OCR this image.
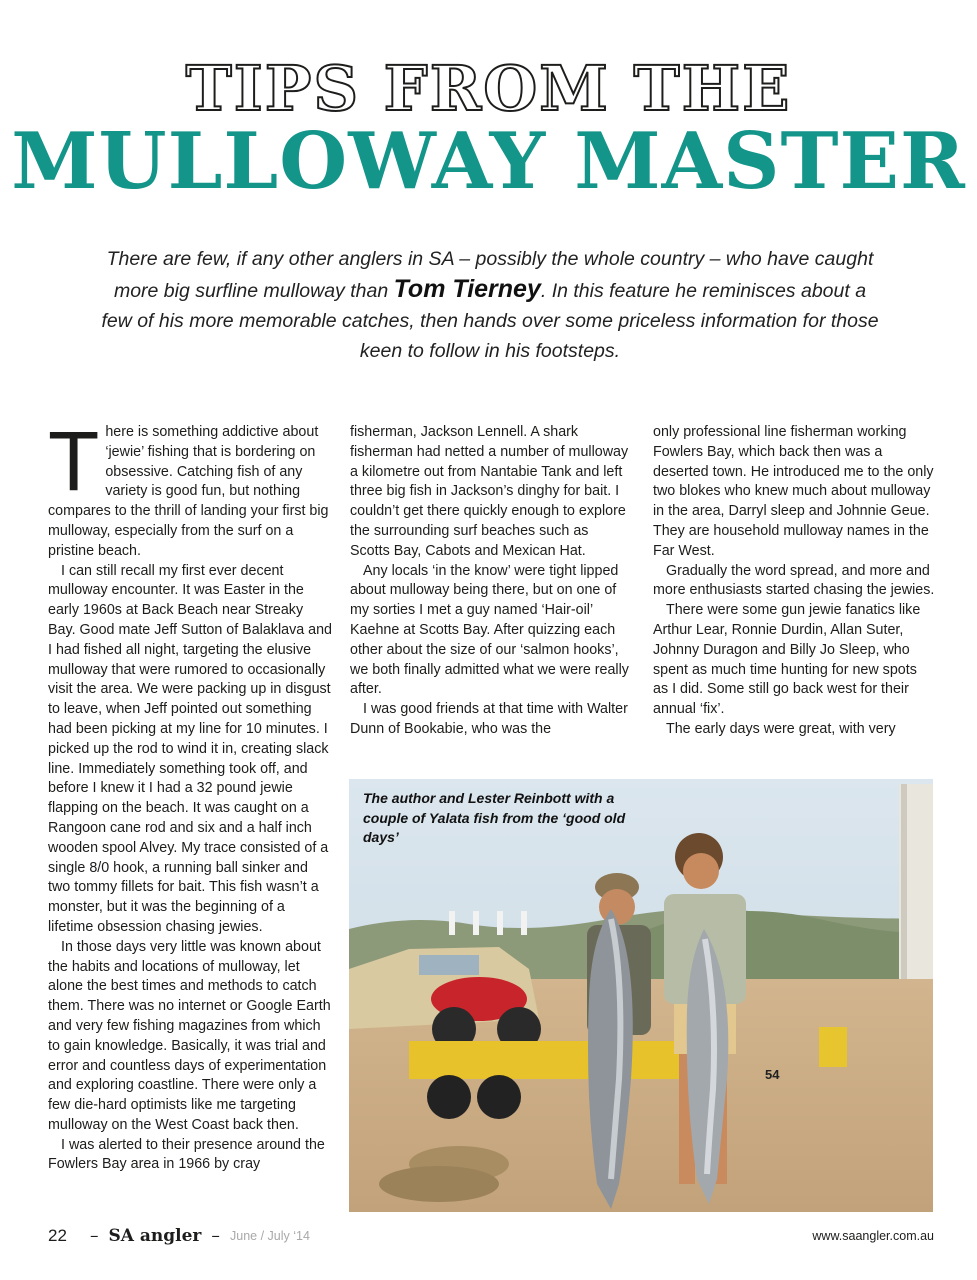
TIPS FROM THE
MULLOWAY MASTER

There are few, if any other anglers in SA – possibly the whole country – who have caught more big surfline mulloway than Tom Tierney. In this feature he reminisces about a few of his more memorable catches, then hands over some priceless information for those keen to follow in his footsteps.

There is something addictive about ‘jewie’ fishing that is bordering on obsessive. Catching fish of any variety is good fun, but nothing compares to the thrill of landing your first big mulloway, especially from the surf on a pristine beach.

I can still recall my first ever decent mulloway encounter. It was Easter in the early 1960s at Back Beach near Streaky Bay. Good mate Jeff Sutton of Balaklava and I had fished all night, targeting the elusive mulloway that were rumored to occasionally visit the area. We were packing up in disgust to leave, when Jeff pointed out something had been picking at my line for 10 minutes. I picked up the rod to wind it in, creating slack line. Immediately something took off, and before I knew it I had a 32 pound jewie flapping on the beach. It was caught on a Rangoon cane rod and six and a half inch wooden spool Alvey. My trace consisted of a single 8/0 hook, a running ball sinker and two tommy fillets for bait. This fish wasn’t a monster, but it was the beginning of a lifetime obsession chasing jewies.

In those days very little was known about the habits and locations of mulloway, let alone the best times and methods to catch them. There was no internet or Google Earth and very few fishing magazines from which to gain knowledge. Basically, it was trial and error and countless days of experimentation and exploring coastline. There were only a few die-hard optimists like me targeting mulloway on the West Coast back then.

I was alerted to their presence around the Fowlers Bay area in 1966 by cray

fisherman, Jackson Lennell. A shark fisherman had netted a number of mulloway a kilometre out from Nantabie Tank and left three big fish in Jackson’s dinghy for bait. I couldn’t get there quickly enough to explore the surrounding surf beaches such as Scotts Bay, Cabots and Mexican Hat.

Any locals ‘in the know’ were tight lipped about mulloway being there, but on one of my sorties I met a guy named ‘Hair-oil’ Kaehne at Scotts Bay. After quizzing each other about the size of our ‘salmon hooks’, we both finally admitted what we were really after.

I was good friends at that time with Walter Dunn of Bookabie, who was the

only professional line fisherman working Fowlers Bay, which back then was a deserted town. He introduced me to the only two blokes who knew much about mulloway in the area, Darryl sleep and Johnnie Geue. They are household mulloway names in the Far West.

Gradually the word spread, and more and more enthusiasts started chasing the jewies.

There were some gun jewie fanatics like Arthur Lear, Ronnie Durdin, Allan Suter, Johnny Duragon and Billy Jo Sleep, who spent as much time hunting for new spots as I did. Some still go back west for their annual ‘fix’.

The early days were great, with very

54
The author and Lester Reinbott with a couple of Yalata fish from the ‘good old days’
22	– SA angler – June / July ‘14	www.saangler.com.au
